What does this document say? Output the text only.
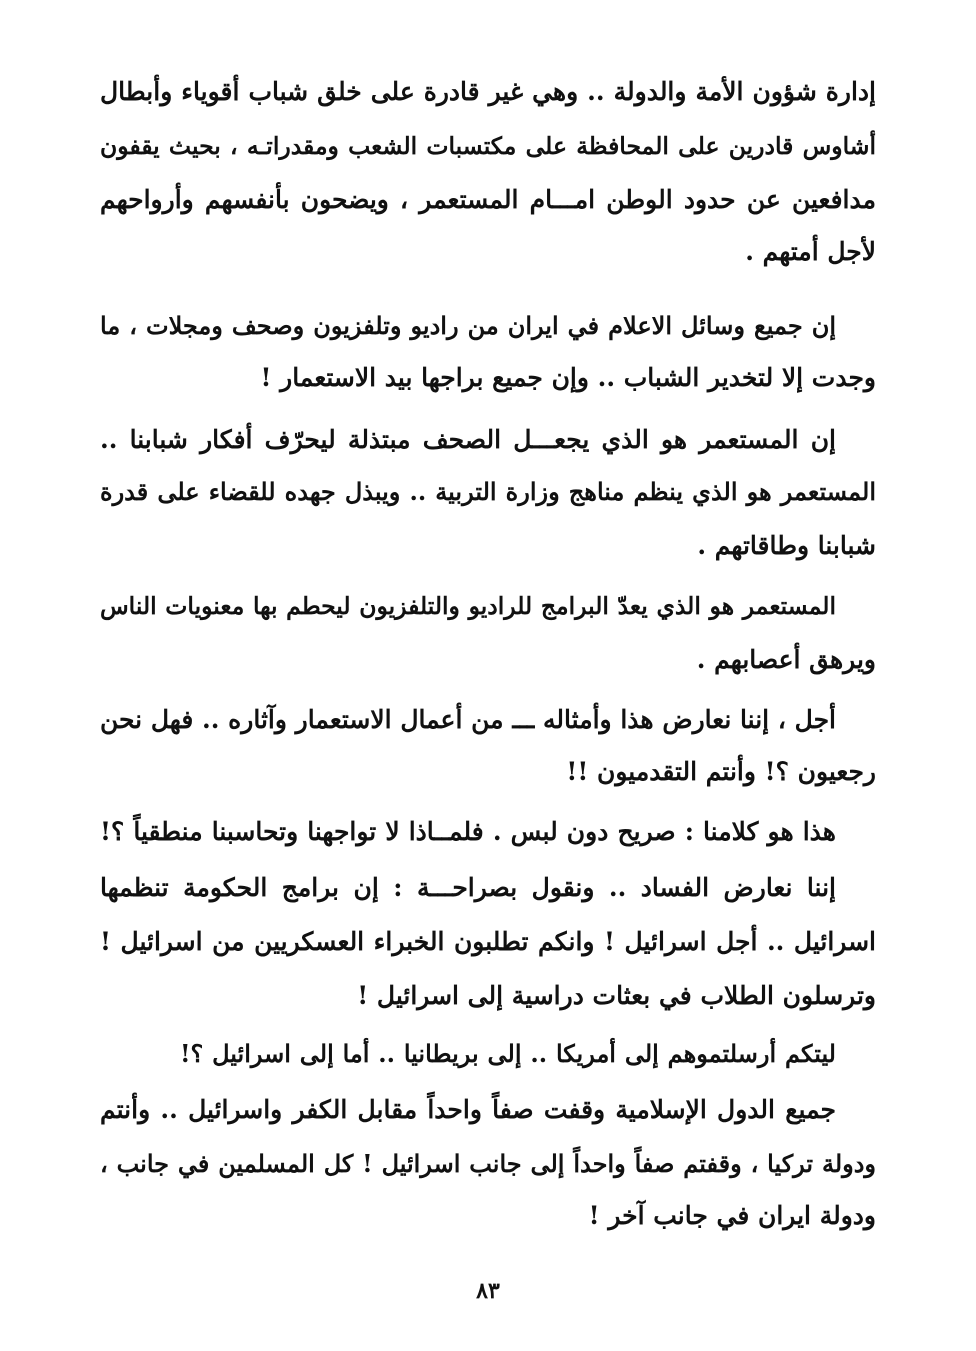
إدارة شؤون الأمة والدولة .. وهي غير قادرة على خلق شباب أقوياء وأبطال
أشاوس قادرين على المحافظة على مكتسبات الشعب ومقدراتـه ، بحيث يقفون
مدافعين عن حدود الوطن امـــام المستعمر ، ويضحون بأنفسهم وأرواحهم
لأجل أمتهم .
إن جميع وسائل الاعلام في ايران من راديو وتلفزيون وصحف ومجلات ، ما
وجدت إلا لتخدير الشباب .. وإن جميع براجها بيد الاستعمار !
إن المستعمر هو الذي يجعـــل الصحف مبتذلة ليحرّف أفكار شبابنا ..
المستعمر هو الذي ينظم مناهج وزارة التربية .. ويبذل جهده للقضاء على قدرة
شبابنا وطاقاتهم .
المستعمر هو الذي يعدّ البرامج للراديو والتلفزيون ليحطم بها معنويات الناس
ويرهق أعصابهم .
أجل ، إننا نعارض هذا وأمثاله ـــ من أعمال الاستعمار وآثاره .. فهل نحن
رجعيون ؟! وأنتم التقدميون !!
هذا هو كلامنا : صريح دون لبس . فلمــاذا لا تواجهنا وتحاسبنا منطقياً ؟!
إننا نعارض الفساد .. ونقول بصراحـــة : إن برامج الحكومة تنظمها
اسرائيل .. أجل اسرائيل ! وانكم تطلبون الخبراء العسكريين من اسرائيل !
وترسلون الطلاب في بعثات دراسية إلى اسرائيل !
ليتكم أرسلتموهم إلى أمريكا .. إلى بريطانيا .. أما إلى اسرائيل ؟!
جميع الدول الإسلامية وقفت صفاً واحداً مقابل الكفر واسرائيل .. وأنتم
ودولة تركيا ، وقفتم صفاً واحداً إلى جانب اسرائيل ! كل المسلمين في جانب ،
ودولة ايران في جانب آخر !
٨٣
